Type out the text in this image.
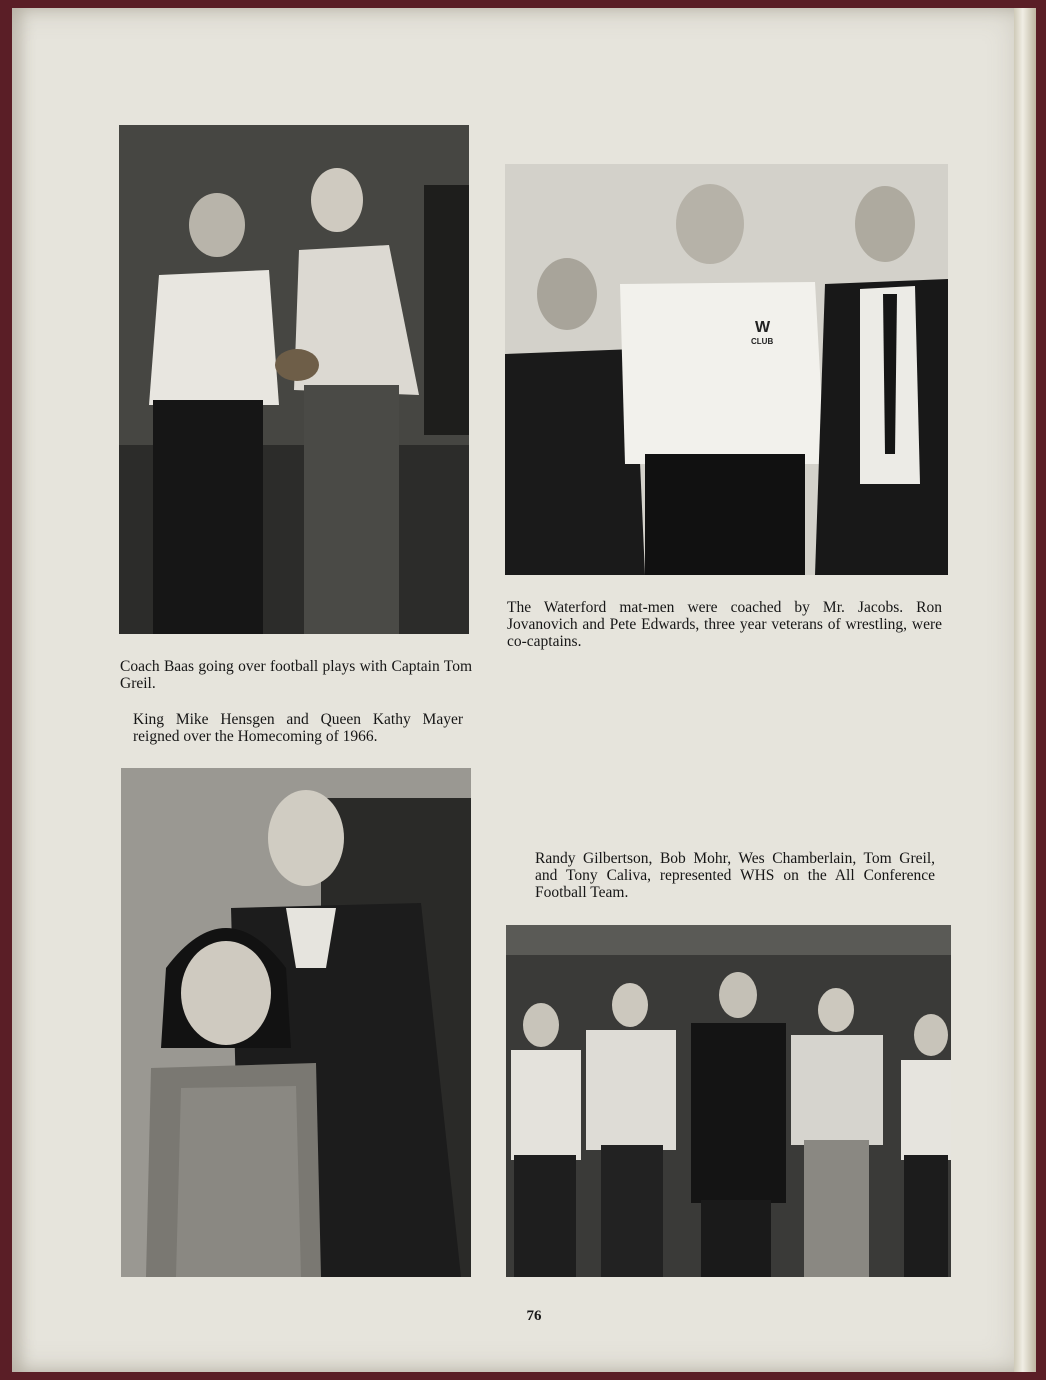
W
CLUB

The Waterford mat-men were coached by Mr. Jacobs. Ron Jovanovich and Pete Edwards, three year veterans of wrestling, were co-captains.

Coach Baas going over football plays with Captain Tom Greil.

King Mike Hensgen and Queen Kathy Mayer reigned over the Homecoming of 1966.

Randy Gilbertson, Bob Mohr, Wes Chamberlain, Tom Greil, and Tony Caliva, represented WHS on the All Conference Football Team.

76
